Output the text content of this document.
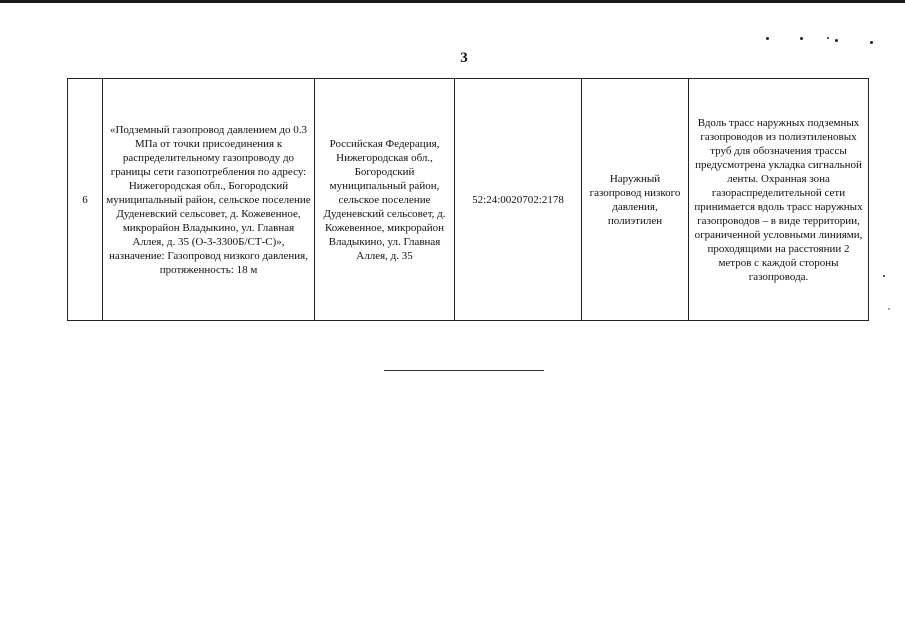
3
6	«Подземный газопровод давлением до 0.3 МПа от точки присоединения к распределительному газопроводу до границы сети газопотребления по адресу: Нижегородская обл., Богородский муниципальный район, сельское поселение Дуденевский сельсовет, д. Кожевенное, микрорайон Владыкино, ул. Главная Аллея, д. 35 (О-3-3300Б/СТ-С)», назначение: Газопровод низкого давления, протяженность: 18 м	Российская Федерация, Нижегородская обл., Богородский муниципальный район, сельское поселение Дуденевский сельсовет, д. Кожевенное, микрорайон Владыкино, ул. Главная Аллея, д. 35	52:24:0020702:2178	Наружный газопровод низкого давления, полиэтилен	Вдоль трасс наружных подземных газопроводов из полиэтиленовых труб для обозначения трассы предусмотрена укладка сигнальной ленты. Охранная зона газораспределительной сети принимается вдоль трасс наружных газопроводов – в виде территории, ограниченной условными линиями, проходящими на расстоянии 2 метров с каждой стороны газопровода.
